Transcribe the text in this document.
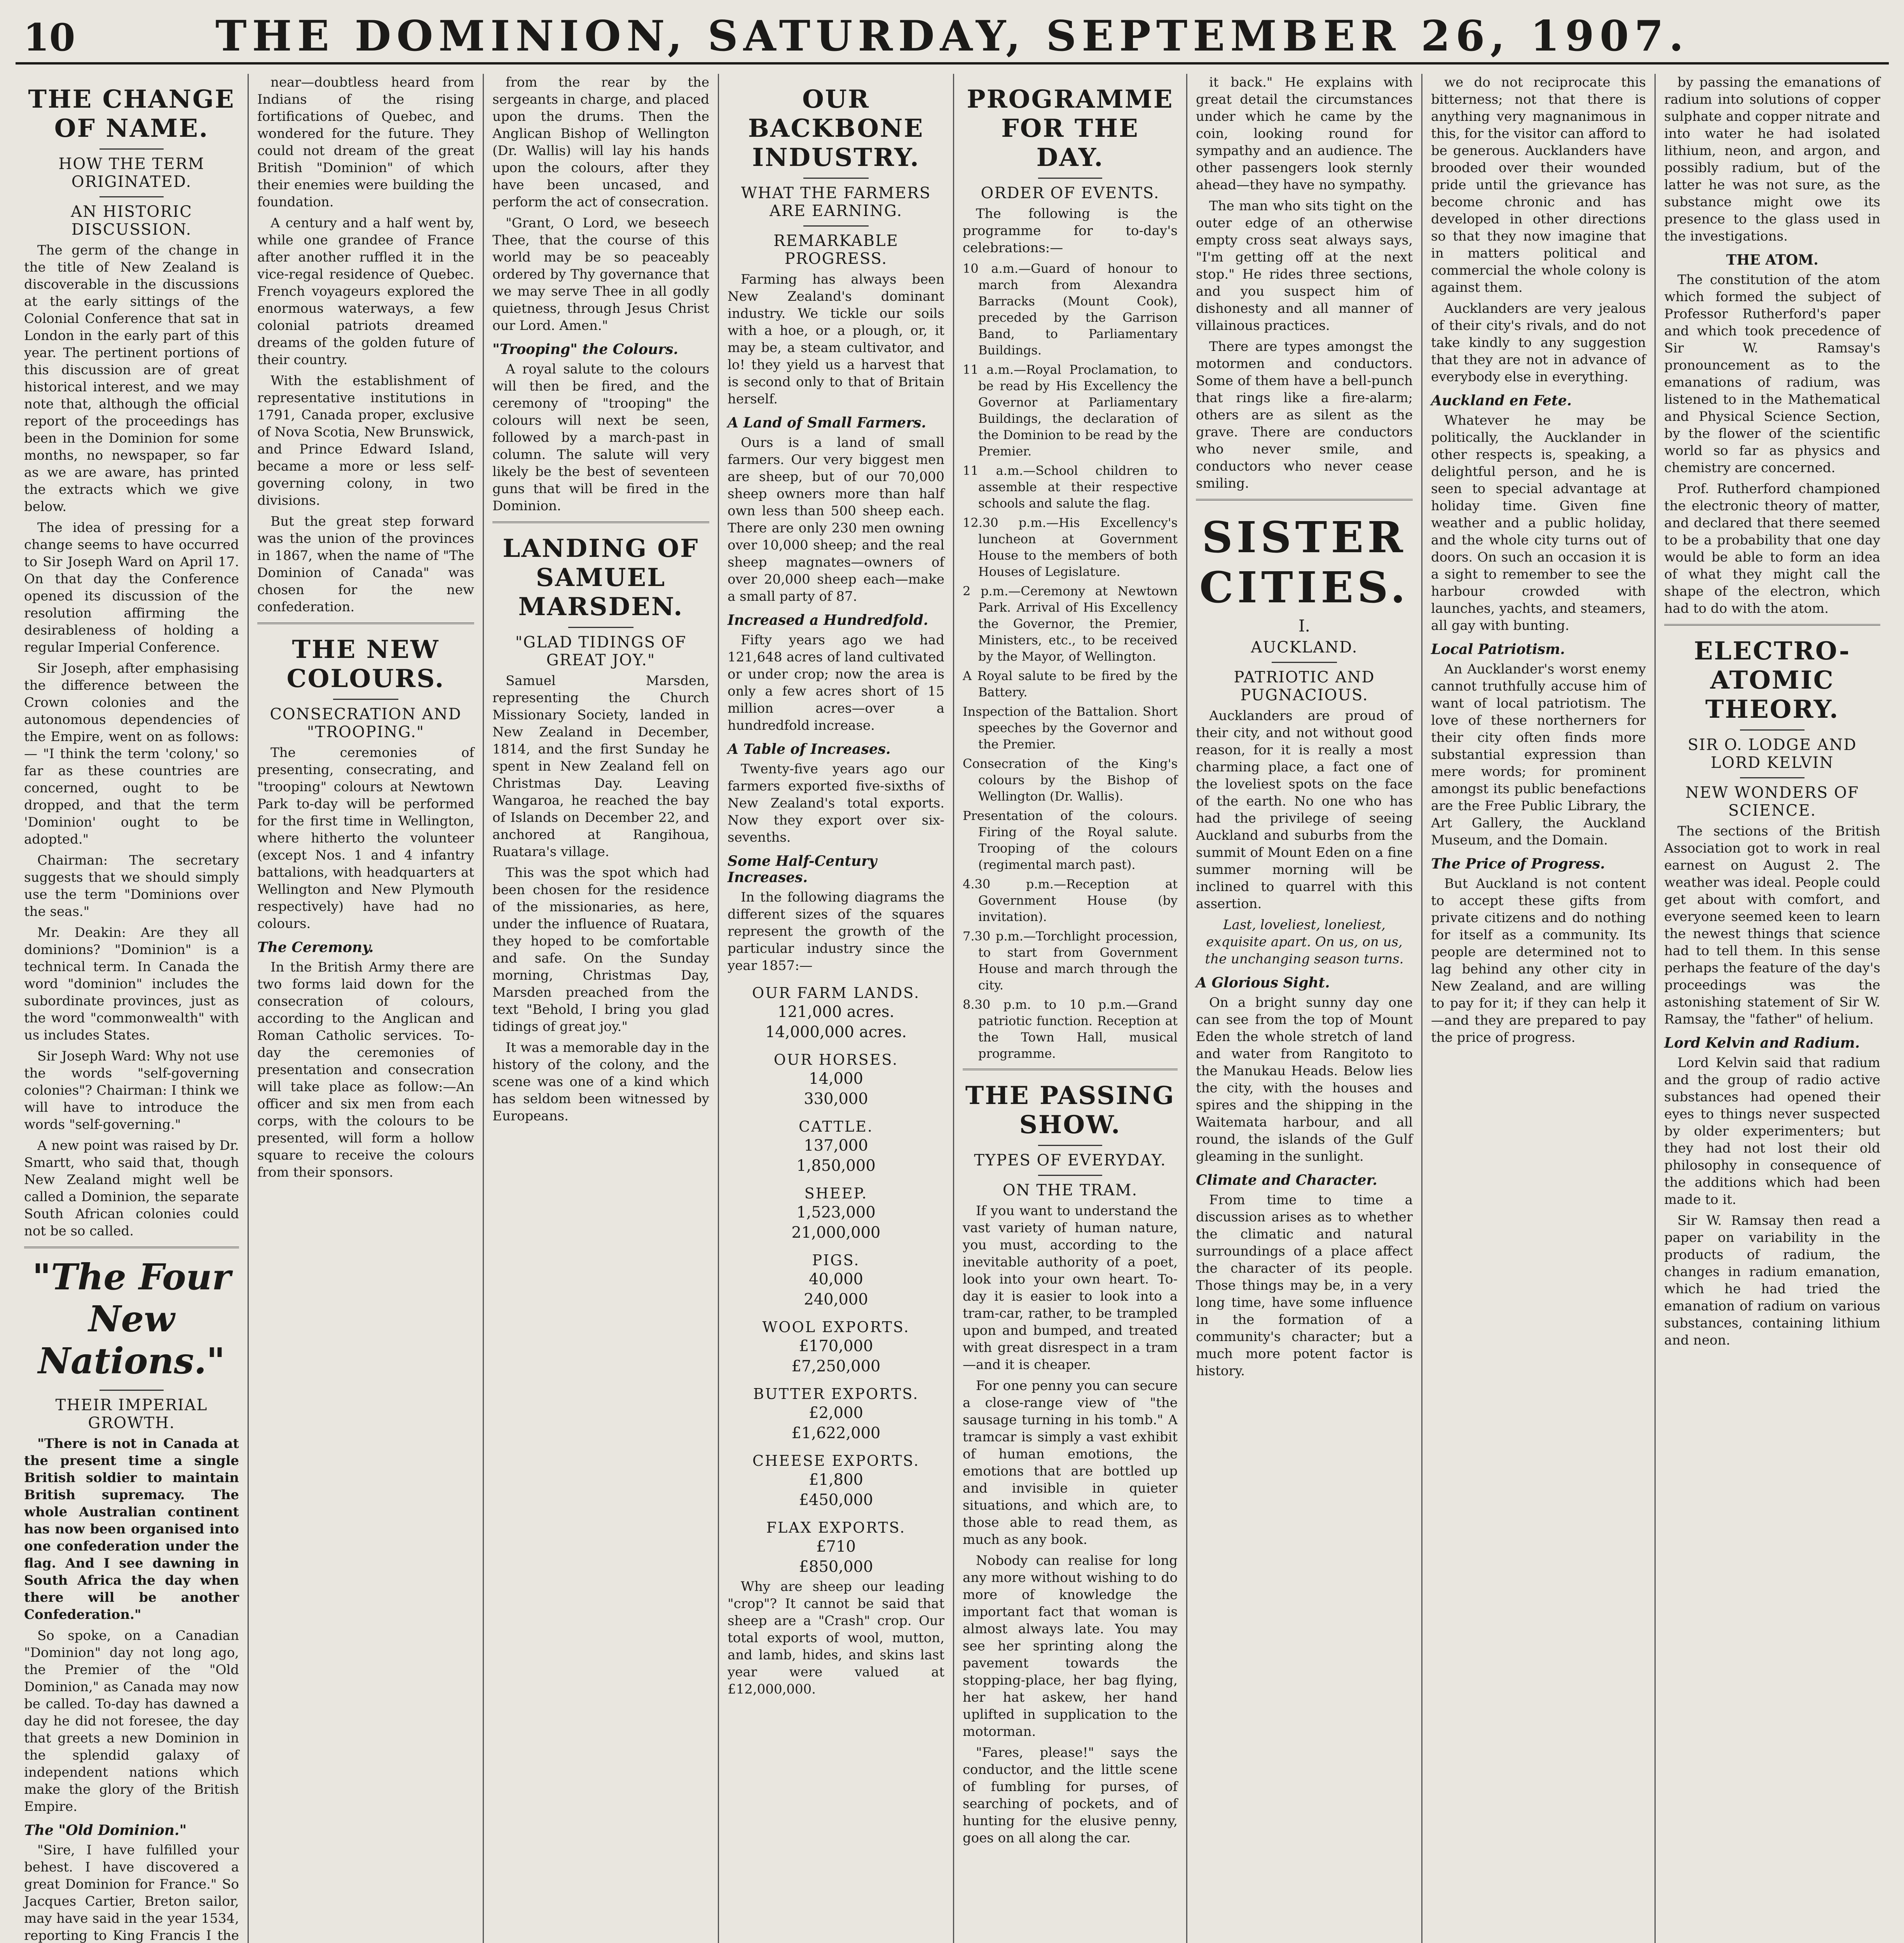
10	THE DOMINION, SATURDAY, SEPTEMBER 26, 1907.
THE CHANGE OF NAME.
HOW THE TERM ORIGINATED.
AN HISTORIC DISCUSSION.

The germ of the change in the title of New Zealand is discoverable in the discussions at the early sittings of the Colonial Conference that sat in London in the early part of this year. The pertinent portions of this discussion are of great historical interest, and we may note that, although the official report of the proceedings has been in the Dominion for some months, no newspaper, so far as we are aware, has printed the extracts which we give below.

The idea of pressing for a change seems to have occurred to Sir Joseph Ward on April 17. On that day the Conference opened its discussion of the resolution affirming the desirableness of holding a regular Imperial Conference.

Sir Joseph, after emphasising the difference between the Crown colonies and the autonomous dependencies of the Empire, went on as follows:— "I think the term 'colony,' so far as these countries are concerned, ought to be dropped, and that the term 'Dominion' ought to be adopted."

Chairman: The secretary suggests that we should simply use the term "Dominions over the seas."

Mr. Deakin: Are they all dominions? "Dominion" is a technical term. In Canada the word "dominion" includes the subordinate provinces, just as the word "commonwealth" with us includes States.

Sir Joseph Ward: Why not use the words "self-governing colonies"? Chairman: I think we will have to introduce the words "self-governing."

A new point was raised by Dr. Smartt, who said that, though New Zealand might well be called a Dominion, the separate South African colonies could not be so called.

"The Four New Nations."
THEIR IMPERIAL GROWTH.

"There is not in Canada at the present time a single British soldier to maintain British supremacy. The whole Australian continent has now been organised into one confederation under the flag. And I see dawning in South Africa the day when there will be another Confederation."

So spoke, on a Canadian "Dominion" day not long ago, the Premier of the "Old Dominion," as Canada may now be called. To-day has dawned a day he did not foresee, the day that greets a new Dominion in the splendid galaxy of independent nations which make the glory of the British Empire.

The "Old Dominion."

"Sire, I have fulfilled your behest. I have discovered a great Dominion for France." So Jacques Cartier, Breton sailor, may have said in the year 1534, reporting to King Francis I the

near—doubtless heard from Indians of the rising fortifications of Quebec, and wondered for the future. They could not dream of the great British "Dominion" of which their enemies were building the foundation.

A century and a half went by, while one grandee of France after another ruffled it in the vice-regal residence of Quebec. French voyageurs explored the enormous waterways, a few colonial patriots dreamed dreams of the golden future of their country.

With the establishment of representative institutions in 1791, Canada proper, exclusive of Nova Scotia, New Brunswick, and Prince Edward Island, became a more or less self-governing colony, in two divisions.

But the great step forward was the union of the provinces in 1867, when the name of "The Dominion of Canada" was chosen for the new confederation.

THE NEW COLOURS.
CONSECRATION AND "TROOPING."

The ceremonies of presenting, consecrating, and "trooping" colours at Newtown Park to-day will be performed for the first time in Wellington, where hitherto the volunteer (except Nos. 1 and 4 infantry battalions, with headquarters at Wellington and New Plymouth respectively) have had no colours.

The Ceremony.

In the British Army there are two forms laid down for the consecration of colours, according to the Anglican and Roman Catholic services. To-day the ceremonies of presentation and consecration will take place as follow:—An officer and six men from each corps, with the colours to be presented, will form a hollow square to receive the colours from their sponsors.

from the rear by the sergeants in charge, and placed upon the drums. Then the Anglican Bishop of Wellington (Dr. Wallis) will lay his hands upon the colours, after they have been uncased, and perform the act of consecration.

"Grant, O Lord, we beseech Thee, that the course of this world may be so peaceably ordered by Thy governance that we may serve Thee in all godly quietness, through Jesus Christ our Lord. Amen."

"Trooping" the Colours.

A royal salute to the colours will then be fired, and the ceremony of "trooping" the colours will next be seen, followed by a march-past in column. The salute will very likely be the best of seventeen guns that will be fired in the Dominion.

LANDING OF SAMUEL MARSDEN.
"GLAD TIDINGS OF GREAT JOY."

Samuel Marsden, representing the Church Missionary Society, landed in New Zealand in December, 1814, and the first Sunday he spent in New Zealand fell on Christmas Day. Leaving Wangaroa, he reached the bay of Islands on December 22, and anchored at Rangihoua, Ruatara's village.

This was the spot which had been chosen for the residence of the missionaries, as here, under the influence of Ruatara, they hoped to be comfortable and safe. On the Sunday morning, Christmas Day, Marsden preached from the text "Behold, I bring you glad tidings of great joy."

It was a memorable day in the history of the colony, and the scene was one of a kind which has seldom been witnessed by Europeans.

OUR BACKBONE INDUSTRY.
WHAT THE FARMERS ARE EARNING.
REMARKABLE PROGRESS.

Farming has always been New Zealand's dominant industry. We tickle our soils with a hoe, or a plough, or, it may be, a steam cultivator, and lo! they yield us a harvest that is second only to that of Britain herself.

A Land of Small Farmers.

Ours is a land of small farmers. Our very biggest men are sheep, but of our 70,000 sheep owners more than half own less than 500 sheep each. There are only 230 men owning over 10,000 sheep; and the real sheep magnates—owners of over 20,000 sheep each—make a small party of 87.

Increased a Hundredfold.

Fifty years ago we had 121,648 acres of land cultivated or under crop; now the area is only a few acres short of 15 million acres—over a hundredfold increase.

A Table of Increases.

Twenty-five years ago our farmers exported five-sixths of New Zealand's total exports. Now they export over six-sevenths.

Some Half-Century Increases.

In the following diagrams the different sizes of the squares represent the growth of the particular industry since the year 1857:—

OUR FARM LANDS.
121,000 acres.
14,000,000 acres.
OUR HORSES.
14,000
330,000
CATTLE.
137,000
1,850,000
SHEEP.
1,523,000
21,000,000
PIGS.
40,000
240,000
WOOL EXPORTS.
£170,000
£7,250,000
BUTTER EXPORTS.
£2,000
£1,622,000
CHEESE EXPORTS.
£1,800
£450,000
FLAX EXPORTS.
£710
£850,000

Why are sheep our leading "crop"? It cannot be said that sheep are a "Crash" crop. Our total exports of wool, mutton, and lamb, hides, and skins last year were valued at £12,000,000.

PROGRAMME FOR THE DAY.
ORDER OF EVENTS.

The following is the programme for to-day's celebrations:—

10 a.m.—Guard of honour to march from Alexandra Barracks (Mount Cook), preceded by the Garrison Band, to Parliamentary Buildings.

11 a.m.—Royal Proclamation, to be read by His Excellency the Governor at Parliamentary Buildings, the declaration of the Dominion to be read by the Premier.

11 a.m.—School children to assemble at their respective schools and salute the flag.

12.30 p.m.—His Excellency's luncheon at Government House to the members of both Houses of Legislature.

2 p.m.—Ceremony at Newtown Park. Arrival of His Excellency the Governor, the Premier, Ministers, etc., to be received by the Mayor, of Wellington.

A Royal salute to be fired by the Battery.

Inspection of the Battalion. Short speeches by the Governor and the Premier.

Consecration of the King's colours by the Bishop of Wellington (Dr. Wallis).

Presentation of the colours. Firing of the Royal salute. Trooping of the colours (regimental march past).

4.30 p.m.—Reception at Government House (by invitation).

7.30 p.m.—Torchlight procession, to start from Government House and march through the city.

8.30 p.m. to 10 p.m.—Grand patriotic function. Reception at the Town Hall, musical programme.

THE PASSING SHOW.
TYPES OF EVERYDAY.
ON THE TRAM.

If you want to understand the vast variety of human nature, you must, according to the inevitable authority of a poet, look into your own heart. To-day it is easier to look into a tram-car, rather, to be trampled upon and bumped, and treated with great disrespect in a tram—and it is cheaper.

For one penny you can secure a close-range view of "the sausage turning in his tomb." A tramcar is simply a vast exhibit of human emotions, the emotions that are bottled up and invisible in quieter situations, and which are, to those able to read them, as much as any book.

Nobody can realise for long any more without wishing to do more of knowledge the important fact that woman is almost always late. You may see her sprinting along the pavement towards the stopping-place, her bag flying, her hat askew, her hand uplifted in supplication to the motorman.

"Fares, please!" says the conductor, and the little scene of fumbling for purses, of searching of pockets, and of hunting for the elusive penny, goes on all along the car.

it back." He explains with great detail the circumstances under which he came by the coin, looking round for sympathy and an audience. The other passengers look sternly ahead—they have no sympathy.

The man who sits tight on the outer edge of an otherwise empty cross seat always says, "I'm getting off at the next stop." He rides three sections, and you suspect him of dishonesty and all manner of villainous practices.

There are types amongst the motormen and conductors. Some of them have a bell-punch that rings like a fire-alarm; others are as silent as the grave. There are conductors who never smile, and conductors who never cease smiling.

SISTER CITIES.
I.
AUCKLAND.
PATRIOTIC AND PUGNACIOUS.

Aucklanders are proud of their city, and not without good reason, for it is really a most charming place, a fact one of the loveliest spots on the face of the earth. No one who has had the privilege of seeing Auckland and suburbs from the summit of Mount Eden on a fine summer morning will be inclined to quarrel with this assertion.

Last, loveliest, loneliest, exquisite apart. On us, on us, the unchanging season turns.

A Glorious Sight.

On a bright sunny day one can see from the top of Mount Eden the whole stretch of land and water from Rangitoto to the Manukau Heads. Below lies the city, with the houses and spires and the shipping in the Waitemata harbour, and all round, the islands of the Gulf gleaming in the sunlight.

Climate and Character.

From time to time a discussion arises as to whether the climatic and natural surroundings of a place affect the character of its people. Those things may be, in a very long time, have some influence in the formation of a community's character; but a much more potent factor is history.

we do not reciprocate this bitterness; not that there is anything very magnanimous in this, for the visitor can afford to be generous. Aucklanders have brooded over their wounded pride until the grievance has become chronic and has developed in other directions so that they now imagine that in matters political and commercial the whole colony is against them.

Aucklanders are very jealous of their city's rivals, and do not take kindly to any suggestion that they are not in advance of everybody else in everything.

Auckland en Fete.

Whatever he may be politically, the Aucklander in other respects is, speaking, a delightful person, and he is seen to special advantage at holiday time. Given fine weather and a public holiday, and the whole city turns out of doors. On such an occasion it is a sight to remember to see the harbour crowded with launches, yachts, and steamers, all gay with bunting.

Local Patriotism.

An Aucklander's worst enemy cannot truthfully accuse him of want of local patriotism. The love of these northerners for their city often finds more substantial expression than mere words; for prominent amongst its public benefactions are the Free Public Library, the Art Gallery, the Auckland Museum, and the Domain.

The Price of Progress.

But Auckland is not content to accept these gifts from private citizens and do nothing for itself as a community. Its people are determined not to lag behind any other city in New Zealand, and are willing to pay for it; if they can help it—and they are prepared to pay the price of progress.

by passing the emanations of radium into solutions of copper sulphate and copper nitrate and into water he had isolated lithium, neon, and argon, and possibly radium, but of the latter he was not sure, as the substance might owe its presence to the glass used in the investigations.

THE ATOM.

The constitution of the atom which formed the subject of Professor Rutherford's paper and which took precedence of Sir W. Ramsay's pronouncement as to the emanations of radium, was listened to in the Mathematical and Physical Science Section, by the flower of the scientific world so far as physics and chemistry are concerned.

Prof. Rutherford championed the electronic theory of matter, and declared that there seemed to be a probability that one day would be able to form an idea of what they might call the shape of the electron, which had to do with the atom.

ELECTRO-ATOMIC THEORY.
SIR O. LODGE AND LORD KELVIN
NEW WONDERS OF SCIENCE.

The sections of the British Association got to work in real earnest on August 2. The weather was ideal. People could get about with comfort, and everyone seemed keen to learn the newest things that science had to tell them. In this sense perhaps the feature of the day's proceedings was the astonishing statement of Sir W. Ramsay, the "father" of helium.

Lord Kelvin and Radium.

Lord Kelvin said that radium and the group of radio active substances had opened their eyes to things never suspected by older experimenters; but they had not lost their old philosophy in consequence of the additions which had been made to it.

Sir W. Ramsay then read a paper on variability in the products of radium, the changes in radium emanation, which he had tried the emanation of radium on various substances, containing lithium and neon.
